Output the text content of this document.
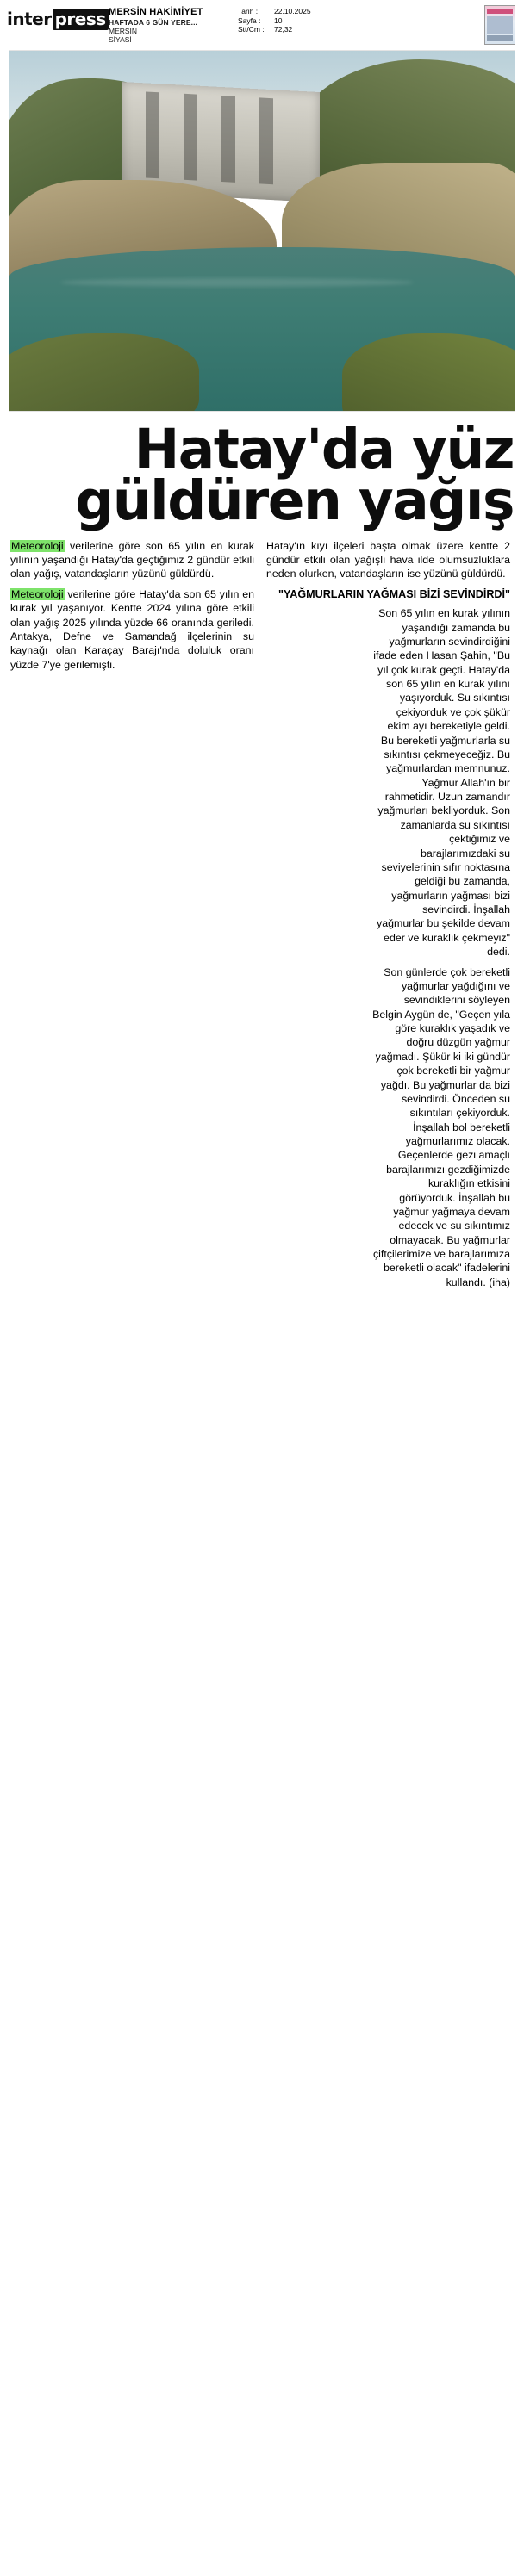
inter press MERSİN HAKİMİYET
HAFTADA 6 GÜN YERE...
MERSİN
SİYASİ
Tarih :	22.10.2025
Sayfa :	10
Stt/Cm :	72,32
Hatay'da yüz
güldüren yağış

Meteoroloji verilerine göre son 65 yılın en kurak yılının yaşandığı Hatay'da geçtiğimiz 2 gündür etkili olan yağış, vatandaşların yüzünü güldürdü.

Meteoroloji verilerine göre Hatay'da son 65 yılın en kurak yıl yaşanıyor. Kentte 2024 yılına göre etkili olan yağış 2025 yılında yüzde 66 oranında geriledi. Antakya, Defne ve Samandağ ilçelerinin su kaynağı olan Karaçay Barajı'nda doluluk oranı yüzde 7'ye gerilemişti.

Hatay'ın kıyı ilçeleri başta olmak üzere kentte 2 gündür etkili olan yağışlı hava ilde olumsuzluklara neden olurken, vatandaşların ise yüzünü güldürdü.

"YAĞMURLARIN YAĞMASI BİZİ SEVİNDİRDİ"

Son 65 yılın en kurak yılının yaşandığı zamanda bu yağmurların sevindirdiğini ifade eden Hasan Şahin, "Bu yıl çok kurak geçti. Hatay'da son 65 yılın en kurak yılını yaşıyorduk. Su sıkıntısı çekiyorduk ve çok şükür ekim ayı bereketiyle geldi. Bu bereketli yağmurlarla su sıkıntısı çekmeyeceğiz. Bu yağmurlardan memnunuz. Yağmur Allah'ın bir rahmetidir. Uzun zamandır yağmurları bekliyorduk. Son zamanlarda su sıkıntısı çektiğimiz ve barajlarımızdaki su seviyelerinin sıfır noktasına geldiği bu zamanda, yağmurların yağması bizi sevindirdi. İnşallah yağmurlar bu şekilde devam eder ve kuraklık çekmeyiz" dedi.

Son günlerde çok bereketli yağmurlar yağdığını ve sevindiklerini söyleyen Belgin Aygün de, "Geçen yıla göre kuraklık yaşadık ve doğru düzgün yağmur yağmadı. Şükür ki iki gündür çok bereketli bir yağmur yağdı. Bu yağmurlar da bizi sevindirdi. Önceden su sıkıntıları çekiyorduk. İnşallah bol bereketli yağmurlarımız olacak. Geçenlerde gezi amaçlı barajlarımızı gezdiğimizde kuraklığın etkisini görüyorduk. İnşallah bu yağmur yağmaya devam edecek ve su sıkıntımız olmayacak. Bu yağmurlar çiftçilerimize ve barajlarımıza bereketli olacak" ifadelerini kullandı. (iha)
